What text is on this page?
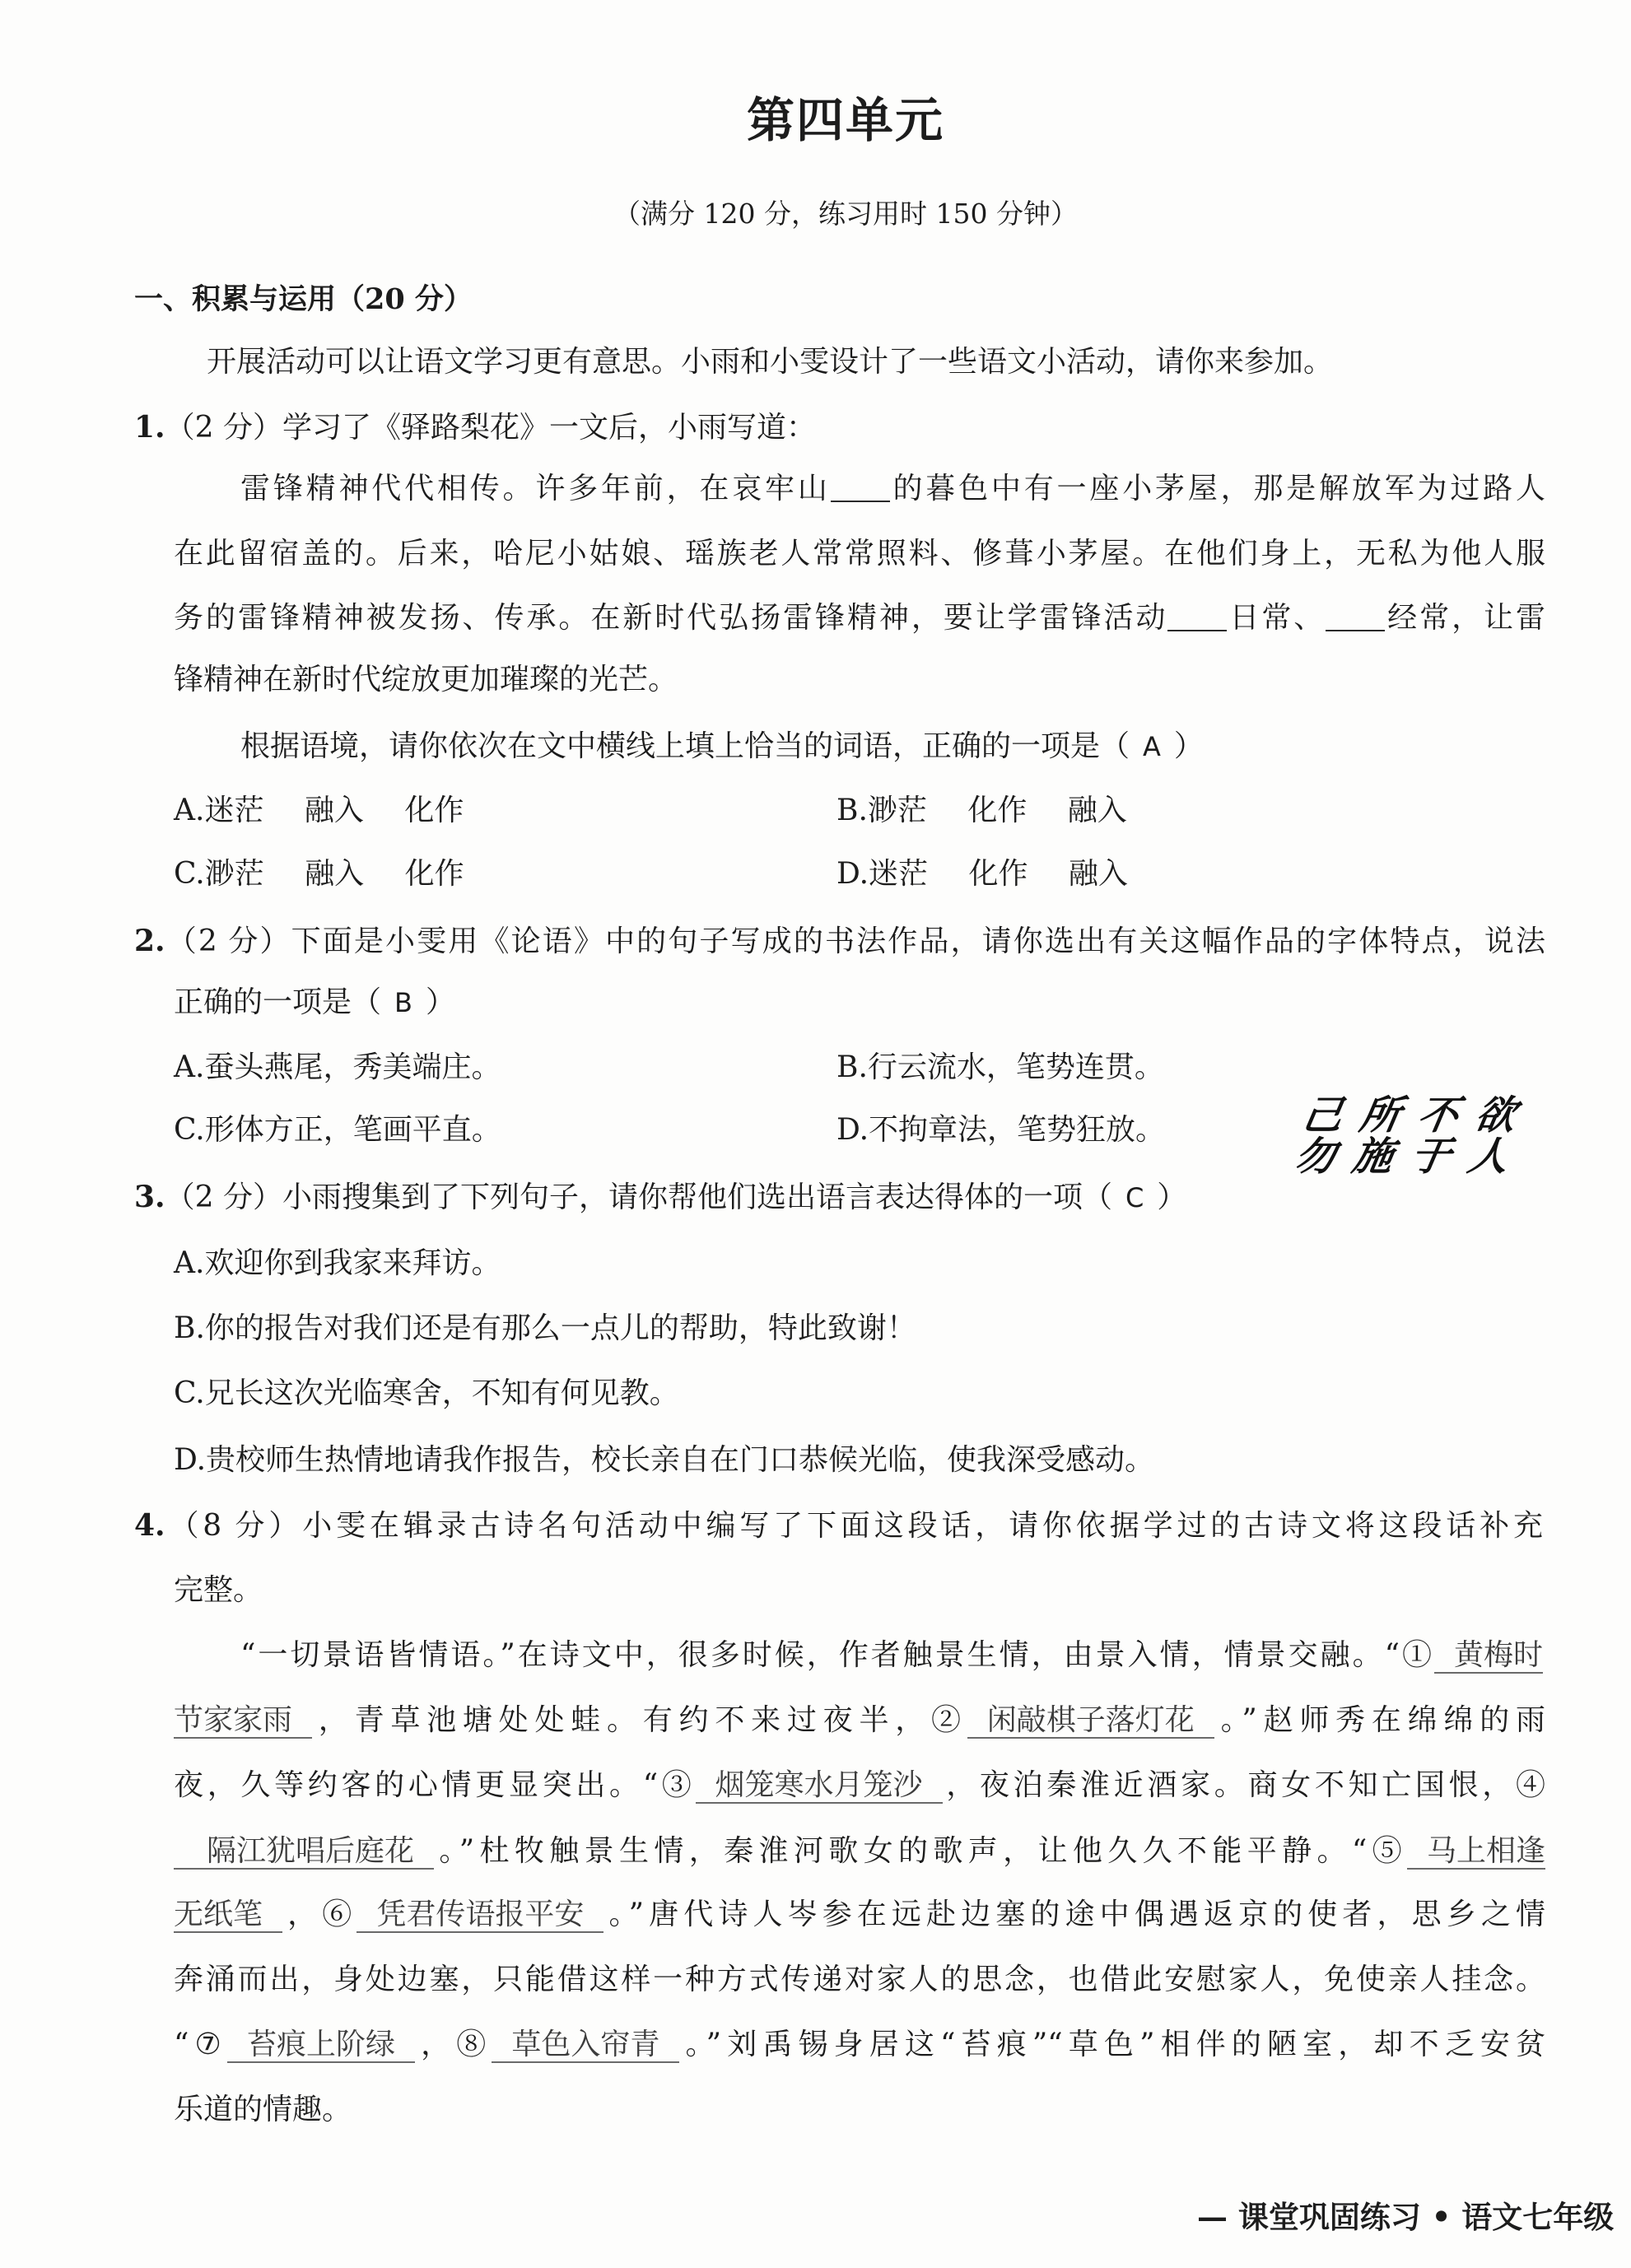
第四单元
（满分 120 分，练习用时 150 分钟）
一、积累与运用（20 分）
开展活动可以让语文学习更有意思。小雨和小雯设计了一些语文小活动，请你来参加。
1.（2 分）学习了《驿路梨花》一文后，小雨写道：
雷锋精神代代相传。许多年前，在哀牢山 的暮色中有一座小茅屋，那是解放军为过路人
在此留宿盖的。后来，哈尼小姑娘、瑶族老人常常照料、修葺小茅屋。在他们身上，无私为他人服
务的雷锋精神被发扬、传承。在新时代弘扬雷锋精神，要让学雷锋活动 日常、 经常，让雷
锋精神在新时代绽放更加璀璨的光芒。
根据语境，请你依次在文中横线上填上恰当的词语，正确的一项是（ A ）
A.迷茫 融入 化作	B.渺茫 化作 融入
C.渺茫 融入 化作	D.迷茫 化作 融入
2.（2 分）下面是小雯用《论语》中的句子写成的书法作品，请你选出有关这幅作品的字体特点，说法
正确的一项是（ B ）
A.蚕头燕尾，秀美端庄。	B.行云流水，笔势连贯。
C.形体方正，笔画平直。	D.不拘章法，笔势狂放。	己所不欲
勿施于人
3.（2 分）小雨搜集到了下列句子，请你帮他们选出语言表达得体的一项（ C ）
A.欢迎你到我家来拜访。
B.你的报告对我们还是有那么一点儿的帮助，特此致谢！
C.兄长这次光临寒舍，不知有何见教。
D.贵校师生热情地请我作报告，校长亲自在门口恭候光临，使我深受感动。
4.（8 分）小雯在辑录古诗名句活动中编写了下面这段话，请你依据学过的古诗文将这段话补充
完整。
“一切景语皆情语。”在诗文中，很多时候，作者触景生情，由景入情，情景交融。“① 黄梅时
节家家雨 ，青草池塘处处蛙。有约不来过夜半，② 闲敲棋子落灯花 。”赵师秀在绵绵的雨
夜，久等约客的心情更显突出。“③ 烟笼寒水月笼沙 ，夜泊秦淮近酒家。商女不知亡国恨，④
隔江犹唱后庭花 。”杜牧触景生情，秦淮河歌女的歌声，让他久久不能平静。“⑤ 马上相逢
无纸笔 ，⑥ 凭君传语报平安 。”唐代诗人岑参在远赴边塞的途中偶遇返京的使者，思乡之情
奔涌而出，身处边塞，只能借这样一种方式传递对家人的思念，也借此安慰家人，免使亲人挂念。
“⑦ 苔痕上阶绿 ，⑧ 草色入帘青 。”刘禹锡身居这“苔痕”“草色”相伴的陋室，却不乏安贫
乐道的情趣。
— 课堂巩固练习 • 语文七年级
